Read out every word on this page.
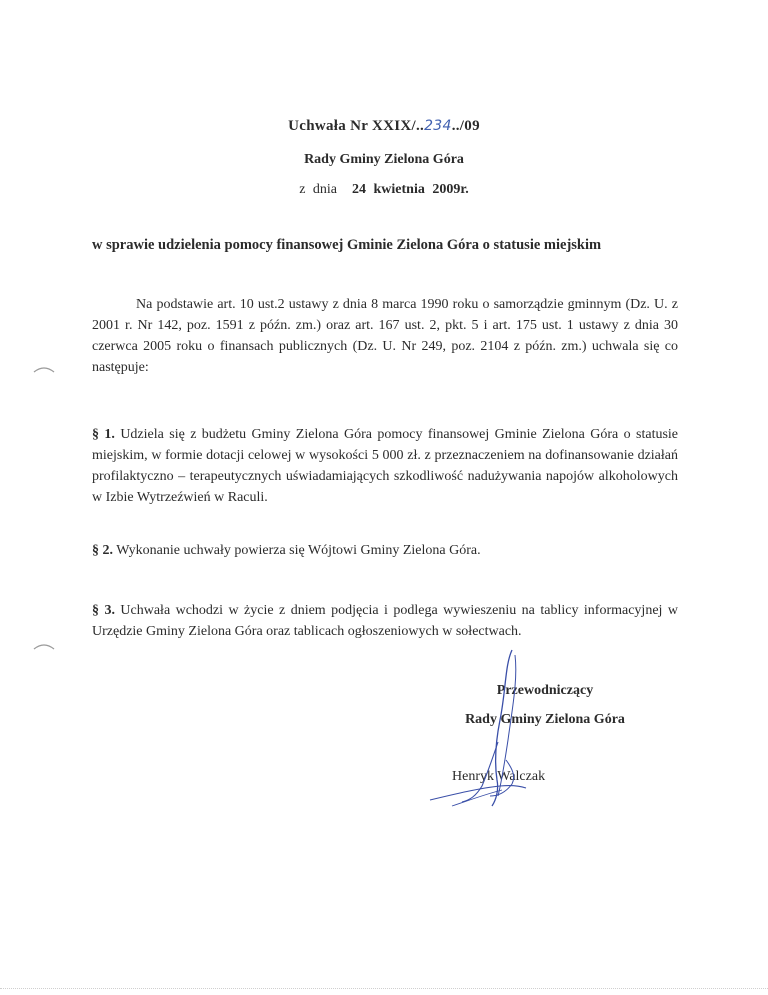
Uchwała Nr XXIX/..234../09
Rady Gminy Zielona Góra
z dnia 24 kwietnia 2009r.
w sprawie udzielenia pomocy finansowej Gminie Zielona Góra o statusie miejskim
Na podstawie art. 10 ust.2 ustawy z dnia 8 marca 1990 roku o samorządzie gminnym (Dz. U. z 2001 r. Nr 142, poz. 1591 z późn. zm.) oraz art. 167 ust. 2, pkt. 5 i art. 175 ust. 1 ustawy z dnia 30 czerwca 2005 roku o finansach publicznych (Dz. U. Nr 249, poz. 2104 z późn. zm.) uchwala się co następuje:
§ 1. Udziela się z budżetu Gminy Zielona Góra pomocy finansowej Gminie Zielona Góra o statusie miejskim, w formie dotacji celowej w wysokości 5 000 zł. z przeznaczeniem na dofinansowanie działań profilaktyczno – terapeutycznych uświadamiających szkodliwość nadużywania napojów alkoholowych w Izbie Wytrzeźwień w Raculi.
§ 2. Wykonanie uchwały powierza się Wójtowi Gminy Zielona Góra.
§ 3. Uchwała wchodzi w życie z dniem podjęcia i podlega wywieszeniu na tablicy informacyjnej w Urzędzie Gminy Zielona Góra oraz tablicach ogłoszeniowych w sołectwach.
Przewodniczący
Rady Gminy Zielona Góra
Henryk Walczak
